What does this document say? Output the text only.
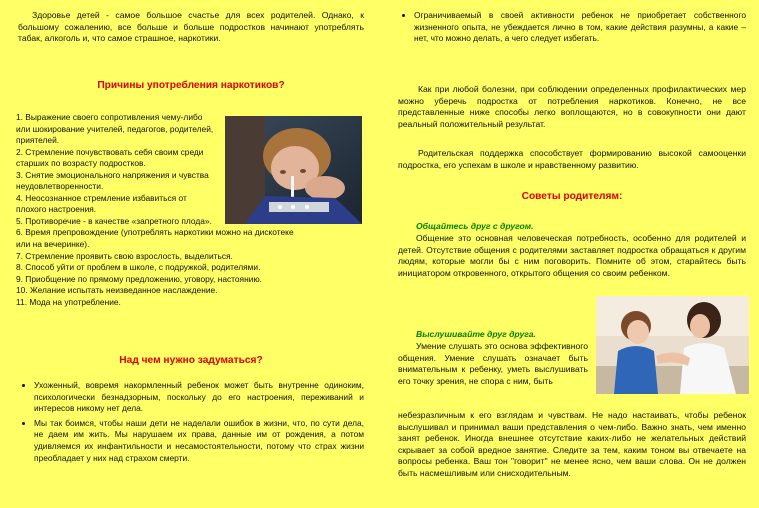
Здоровье детей - самое большое счастье для всех родителей. Однако, к большому сожалению, все больше и больше подростков начинают употреблять табак, алкоголь и, что самое страшное, наркотики.

Причины употребления наркотиков?

1. Выражение своего сопротивления чему-либо или шокирование учителей, педагогов, родителей, приятелей.
2. Стремление почувствовать себя своим среди старших по возрасту подростков.
3. Снятие эмоционального напряжения и чувства неудовлетворенности.
4. Неосознанное стремление избавиться от плохого настроения.
5. Противоречие - в качестве «запретного плода».
6. Время препровождение (употреблять наркотики можно на дискотеке или на вечеринке).
7. Стремление проявить свою взрослость, выделиться.
8. Способ уйти от проблем в школе, с подружкой, родителями.
9. Приобщение по прямому предложению, уговору, настоянию.
10. Желание испытать неизведанное наслаждение.
11. Мода на употребление.

Над чем нужно задуматься?

• Ухоженный, вовремя накормленный ребенок может быть внутренне одиноким, психологически безнадзорным, поскольку до его настроения, переживаний и интересов никому нет дела.
• Мы так боимся, чтобы наши дети не наделали ошибок в жизни, что, по сути дела, не даем им жить. Мы нарушаем их права, данные им от рождения, а потом удивляемся их инфантильности и несамостоятельности, потому что страх жизни преобладает у них над страхом смерти.
• Ограничиваемый в своей активности ребенок не приобретает собственного жизненного опыта, не убеждается лично в том, какие действия разумны, а какие – нет, что можно делать, а чего следует избегать.

Как при любой болезни, при соблюдении определенных профилактических мер можно уберечь подростка от потребления наркотиков. Конечно, не все представленные ниже способы легко воплощаются, но в совокупности они дают реальный положительный результат.

Родительская поддержка способствует формированию высокой самооценки подростка, его успехам в школе и нравственному развитию.

Советы родителям:

Общайтесь друг с другом.

Общение это основная человеческая потребность, особенно для родителей и детей. Отсутствие общения с родителями заставляет подростка обращаться к другим людям, которые могли бы с ним поговорить. Помните об этом, старайтесь быть инициатором откровенного, открытого общения со своим ребенком.

Выслушивайте друг друга.

Умение слушать это основа эффективного общения. Умение слушать означает быть внимательным к ребенку, уметь выслушивать его точку зрения, не спора с ним, быть

небезразличным к его взглядам и чувствам. Не надо настаивать, чтобы ребенок выслушивал и принимал ваши представления о чем-либо. Важно знать, чем именно занят ребенок. Иногда внешнее отсутствие каких-либо не желательных действий скрывает за собой вредное занятие. Следите за тем, каким тоном вы отвечаете на вопросы ребенка. Ваш тон "говорит" не менее ясно, чем ваши слова. Он не должен быть насмешливым или снисходительным.
